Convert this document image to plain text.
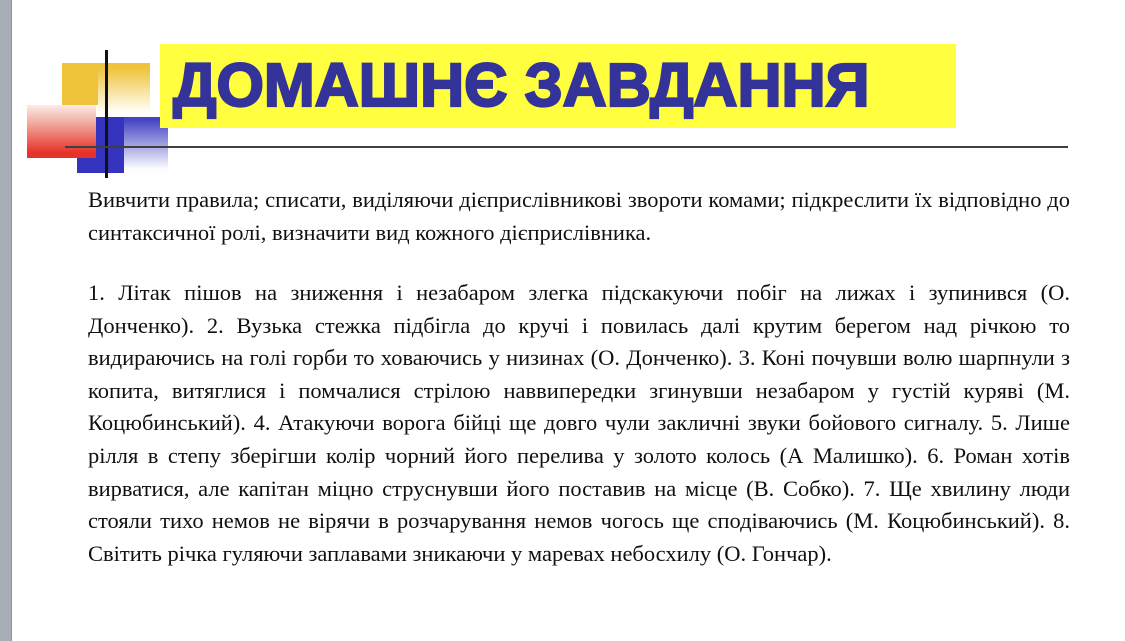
ДОМАШНЄ ЗАВДАННЯ

Вивчити правила; списати, виділяючи дієприслівникові звороти комами; підкреслити їх відповідно до синтаксичної ролі, визначити вид кожного дієприслівника.

1. Літак пішов на зниження і незабаром злегка підскакуючи побіг на лижах і зупинився (О. Донченко). 2. Вузька стежка підбігла до кручі і повилась далі крутим берегом над річкою то видираючись на голі горби то ховаючись у низинах (О. Донченко). 3. Коні почувши волю шарпнули з копита, витяглися і помчалися стрілою наввипередки згинувши незабаром у густій куряві (М. Коцюбинський). 4. Атакуючи ворога бійці ще довго чули закличні звуки бойового сигналу. 5. Лише рілля в степу зберігши колір чорний його перелива у золото колось (А Малишко). 6. Роман хотів вирватися, але капітан міцно струснувши його поставив на місце (В. Собко). 7. Ще хвилину люди стояли тихо немов не вірячи в розчарування немов чогось ще сподіваючись (М. Коцюбинський). 8. Світить річка гуляючи заплавами зникаючи у маревах небосхилу (О. Гончар).
